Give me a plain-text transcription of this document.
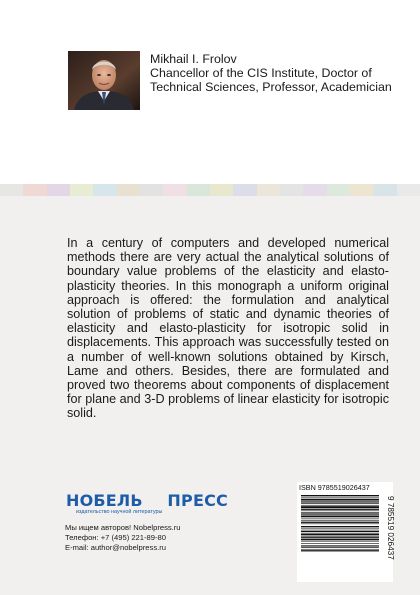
Mikhail I. Frolov
Chancellor of the CIS Institute, Doctor of Technical Sciences, Professor, Academician

In a century of computers and developed numerical methods there are very actual the analytical solutions of boundary value problems of the elasticity and elasto-plasticity theories. In this monograph a uniform original approach is offered: the formulation and analytical solution of problems of static and dynamic theories of elasticity and elasto-plasticity for isotropic solid in displacements. This approach was successfully tested on a number of well-known solutions obtained by Kirsch, Lame and others. Besides, there are formulated and proved two theorems about components of displacement for plane and 3-D problems of linear elasticity for isotropic solid.

НОБЕЛЬ
издательство научной литературы
ПРЕСС
Мы ищем авторов! Nobelpress.ru
Телефон: +7 (495) 221-89-80
E-mail: author@nobelpress.ru
ISBN 9785519026437
9 785519 026437
